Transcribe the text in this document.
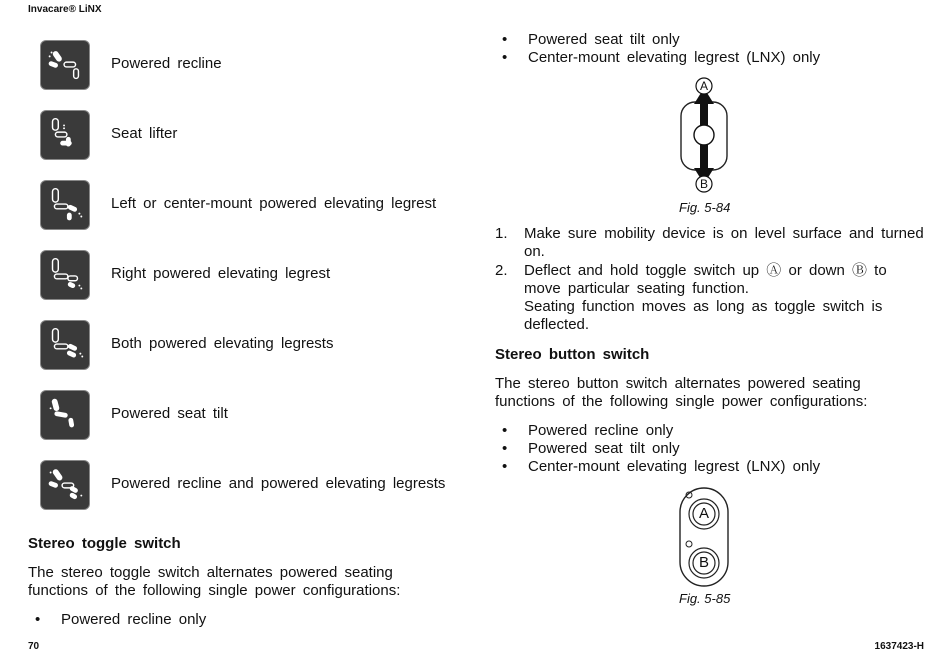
Invacare® LiNX
70	1637423-H
Powered recline
Seat lifter
Left or center-mount powered elevating legrest
Right powered elevating legrest
Both powered elevating legrests
Powered seat tilt
Powered recline and powered elevating legrests
Stereo toggle switch
The stereo toggle switch alternates powered seating
functions of the following single power configurations:
• Powered recline only
• Powered seat tilt only
• Center-mount elevating legrest (LNX) only
A
B
Fig. 5-84
1. Make sure mobility device is on level surface and turned
on.
2. Deflect and hold toggle switch up Ⓐ or down Ⓑ to
move particular seating function.
Seating function moves as long as toggle switch is
deflected.
Stereo button switch
The stereo button switch alternates powered seating
functions of the following single power configurations:
• Powered recline only
• Powered seat tilt only
• Center-mount elevating legrest (LNX) only
A
B
Fig. 5-85
